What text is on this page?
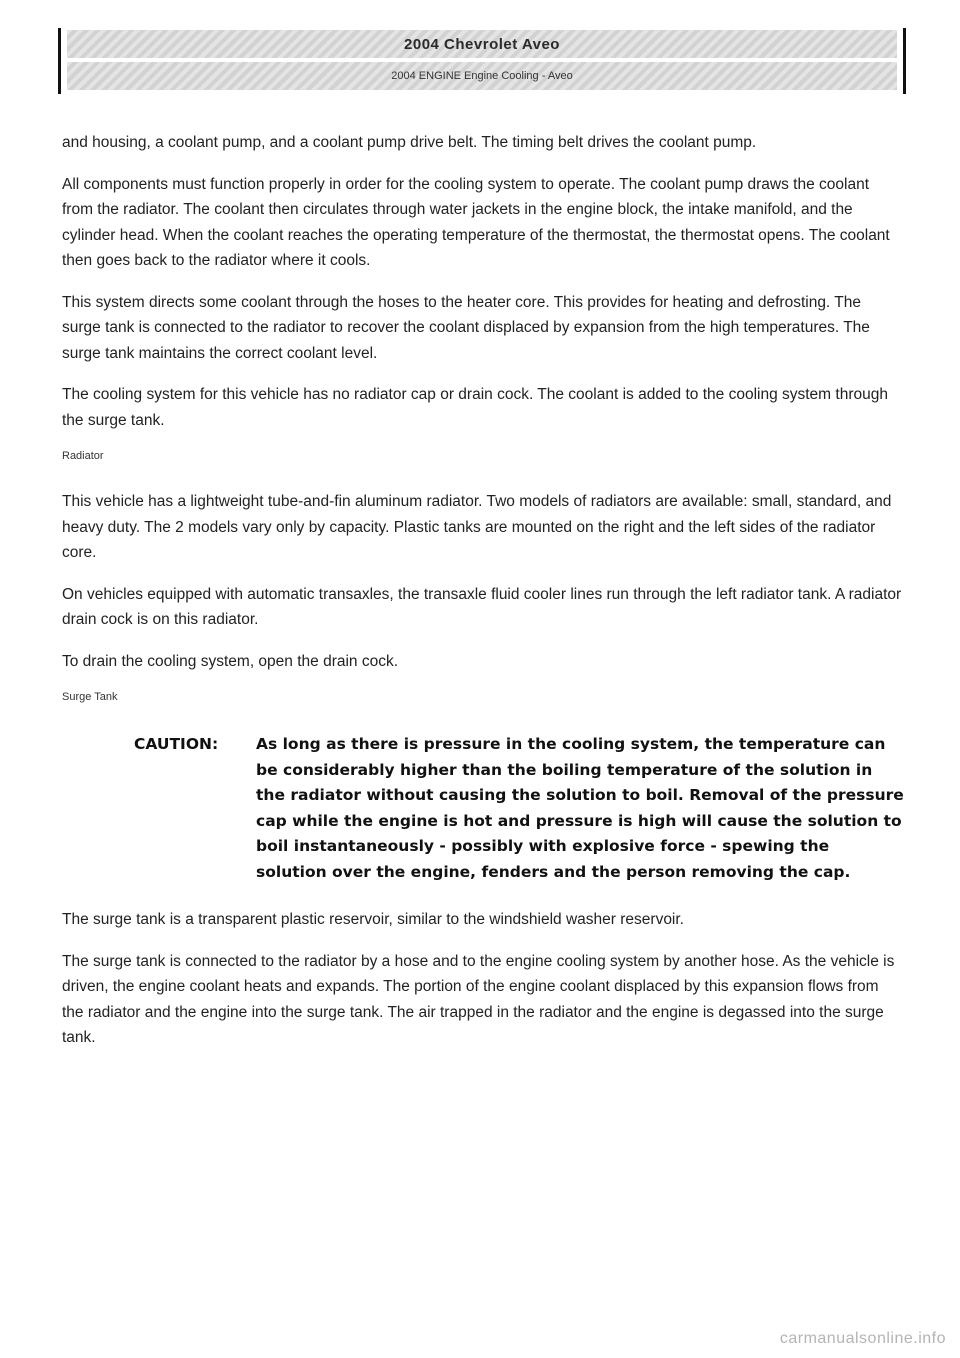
2004 Chevrolet Aveo
2004 ENGINE Engine Cooling - Aveo

and housing, a coolant pump, and a coolant pump drive belt. The timing belt drives the coolant pump.

All components must function properly in order for the cooling system to operate. The coolant pump draws the coolant from the radiator. The coolant then circulates through water jackets in the engine block, the intake manifold, and the cylinder head. When the coolant reaches the operating temperature of the thermostat, the thermostat opens. The coolant then goes back to the radiator where it cools.

This system directs some coolant through the hoses to the heater core. This provides for heating and defrosting. The surge tank is connected to the radiator to recover the coolant displaced by expansion from the high temperatures. The surge tank maintains the correct coolant level.

The cooling system for this vehicle has no radiator cap or drain cock. The coolant is added to the cooling system through the surge tank.

Radiator

This vehicle has a lightweight tube-and-fin aluminum radiator. Two models of radiators are available: small, standard, and heavy duty. The 2 models vary only by capacity. Plastic tanks are mounted on the right and the left sides of the radiator core.

On vehicles equipped with automatic transaxles, the transaxle fluid cooler lines run through the left radiator tank. A radiator drain cock is on this radiator.

To drain the cooling system, open the drain cock.

Surge Tank
CAUTION: As long as there is pressure in the cooling system, the temperature can be considerably higher than the boiling temperature of the solution in the radiator without causing the solution to boil. Removal of the pressure cap while the engine is hot and pressure is high will cause the solution to boil instantaneously - possibly with explosive force - spewing the solution over the engine, fenders and the person removing the cap.

The surge tank is a transparent plastic reservoir, similar to the windshield washer reservoir.

The surge tank is connected to the radiator by a hose and to the engine cooling system by another hose. As the vehicle is driven, the engine coolant heats and expands. The portion of the engine coolant displaced by this expansion flows from the radiator and the engine into the surge tank. The air trapped in the radiator and the engine is degassed into the surge tank.

carmanualsonline.info
